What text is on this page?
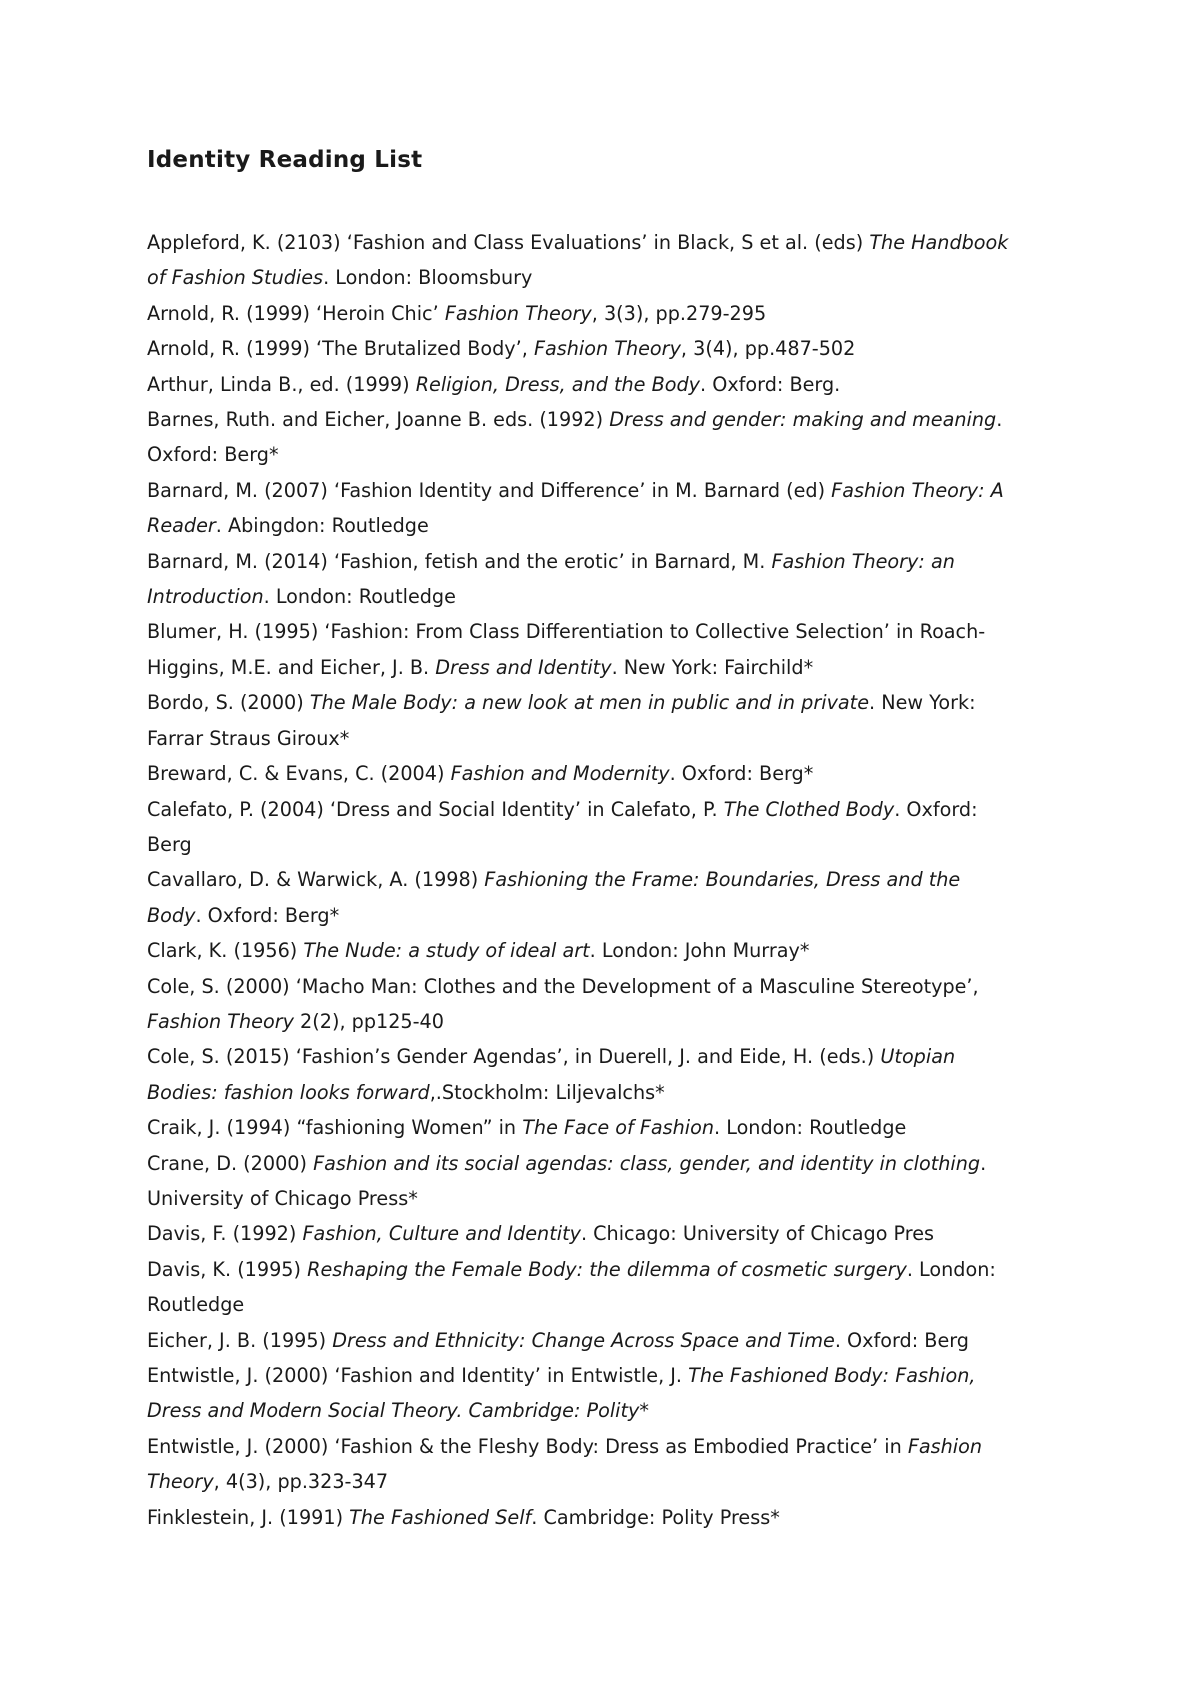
Identity Reading List
Appleford, K. (2103) ‘Fashion and Class Evaluations’ in Black, S et al. (eds) The Handbook
of Fashion Studies. London: Bloomsbury
Arnold, R. (1999) ‘Heroin Chic’ Fashion Theory, 3(3), pp.279-295
Arnold, R. (1999) ‘The Brutalized Body’, Fashion Theory, 3(4), pp.487-502
Arthur, Linda B., ed. (1999) Religion, Dress, and the Body. Oxford: Berg.
Barnes, Ruth. and Eicher, Joanne B. eds. (1992) Dress and gender: making and meaning.
Oxford: Berg*
Barnard, M. (2007) ‘Fashion Identity and Difference’ in M. Barnard (ed) Fashion Theory: A
Reader. Abingdon: Routledge
Barnard, M. (2014) ‘Fashion, fetish and the erotic’ in Barnard, M. Fashion Theory: an
Introduction. London: Routledge
Blumer, H. (1995) ‘Fashion: From Class Differentiation to Collective Selection’ in Roach-
Higgins, M.E. and Eicher, J. B. Dress and Identity. New York: Fairchild*
Bordo, S. (2000) The Male Body: a new look at men in public and in private. New York:
Farrar Straus Giroux*
Breward, C. & Evans, C. (2004) Fashion and Modernity. Oxford: Berg*
Calefato, P. (2004) ‘Dress and Social Identity’ in Calefato, P. The Clothed Body. Oxford:
Berg
Cavallaro, D. & Warwick, A. (1998) Fashioning the Frame: Boundaries, Dress and the
Body. Oxford: Berg*
Clark, K. (1956) The Nude: a study of ideal art. London: John Murray*
Cole, S. (2000) ‘Macho Man: Clothes and the Development of a Masculine Stereotype’,
Fashion Theory 2(2), pp125-40
Cole, S. (2015) ‘Fashion’s Gender Agendas’, in Duerell, J. and Eide, H. (eds.) Utopian
Bodies: fashion looks forward,.Stockholm: Liljevalchs*
Craik, J. (1994) “fashioning Women” in The Face of Fashion. London: Routledge
Crane, D. (2000) Fashion and its social agendas: class, gender, and identity in clothing.
University of Chicago Press*
Davis, F. (1992) Fashion, Culture and Identity. Chicago: University of Chicago Pres
Davis, K. (1995) Reshaping the Female Body: the dilemma of cosmetic surgery. London:
Routledge
Eicher, J. B. (1995) Dress and Ethnicity: Change Across Space and Time. Oxford: Berg
Entwistle, J. (2000) ‘Fashion and Identity’ in Entwistle, J. The Fashioned Body: Fashion,
Dress and Modern Social Theory. Cambridge: Polity*
Entwistle, J. (2000) ‘Fashion & the Fleshy Body: Dress as Embodied Practice’ in Fashion
Theory, 4(3), pp.323-347
Finklestein, J. (1991) The Fashioned Self. Cambridge: Polity Press*
